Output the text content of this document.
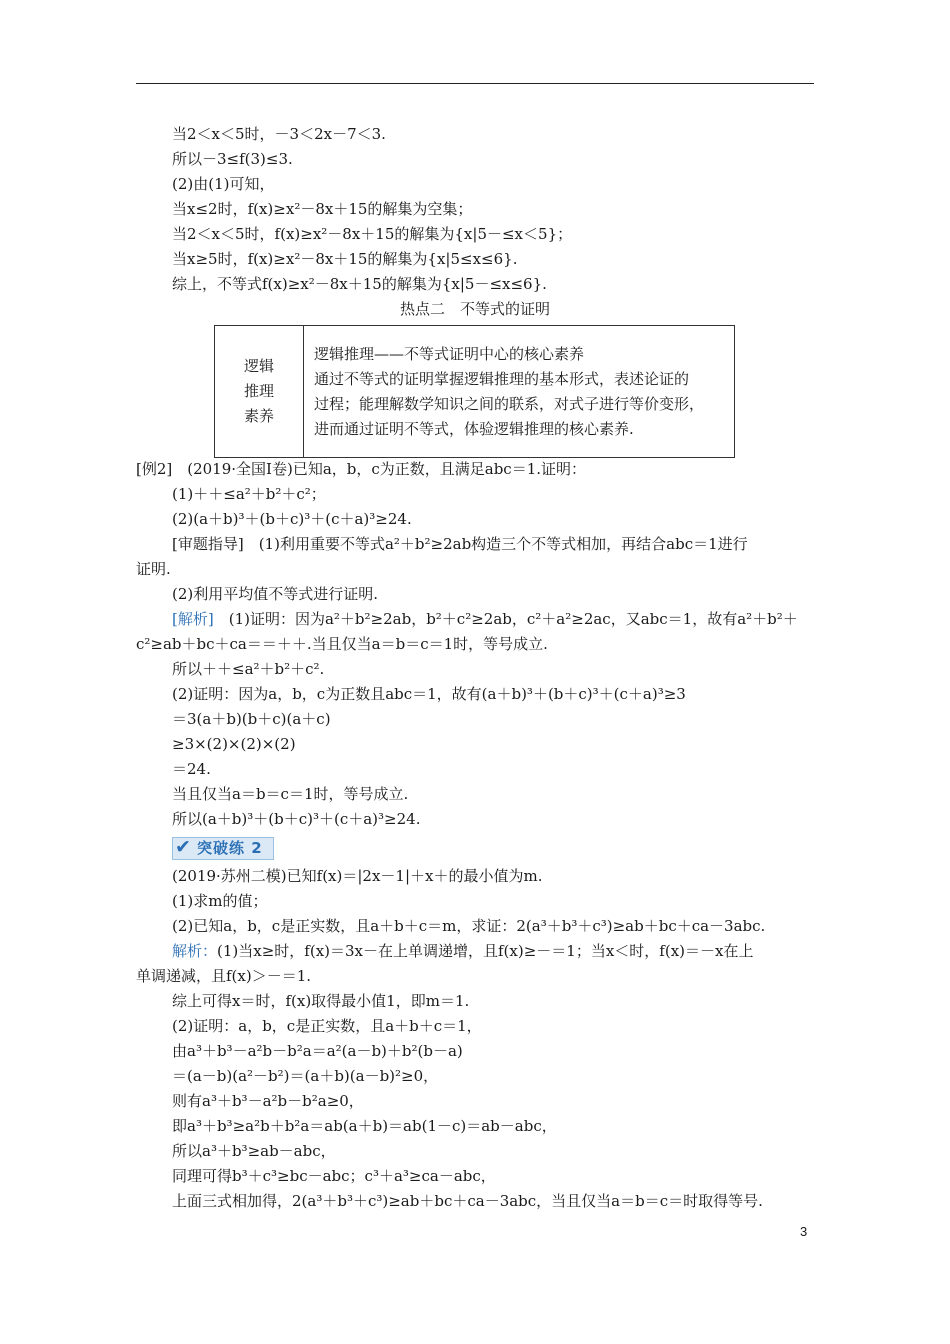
当2＜x＜5时，－3＜2x－7＜3.
所以－3≤f(3)≤3.
(2)由(1)可知，
当x≤2时，f(x)≥x²－8x＋15的解集为空集；
当2＜x＜5时，f(x)≥x²－8x＋15的解集为{x|5－≤x＜5}；
当x≥5时，f(x)≥x²－8x＋15的解集为{x|5≤x≤6}.
综上，不等式f(x)≥x²－8x＋15的解集为{x|5－≤x≤6}.
热点二　不等式的证明
逻辑
推理
素养

逻辑推理——不等式证明中心的核心素养
通过不等式的证明掌握逻辑推理的基本形式，表述论证的
过程；能理解数学知识之间的联系，对式子进行等价变形，
进而通过证明不等式，体验逻辑推理的核心素养.
[例2]　(2019·全国Ⅰ卷)已知a，b，c为正数，且满足abc＝1.证明：
(1)＋＋≤a²＋b²＋c²；
(2)(a＋b)³＋(b＋c)³＋(c＋a)³≥24.
[审题指导]　(1)利用重要不等式a²＋b²≥2ab构造三个不等式相加，再结合abc＝1进行
证明.
(2)利用平均值不等式进行证明.
[解析]　(1)证明：因为a²＋b²≥2ab，b²＋c²≥2ab，c²＋a²≥2ac，又abc＝1，故有a²＋b²＋
c²≥ab＋bc＋ca＝＝＋＋.当且仅当a＝b＝c＝1时，等号成立.
所以＋＋≤a²＋b²＋c².
(2)证明：因为a，b，c为正数且abc＝1，故有(a＋b)³＋(b＋c)³＋(c＋a)³≥3
＝3(a＋b)(b＋c)(a＋c)
≥3×(2)×(2)×(2)
＝24.
当且仅当a＝b＝c＝1时，等号成立.
所以(a＋b)³＋(b＋c)³＋(c＋a)³≥24.
✔ 突破练 2
(2019·苏州二模)已知f(x)＝|2x－1|＋x＋的最小值为m.
(1)求m的值；
(2)已知a，b，c是正实数，且a＋b＋c＝m，求证：2(a³＋b³＋c³)≥ab＋bc＋ca－3abc.
解析：(1)当x≥时，f(x)＝3x－在上单调递增，且f(x)≥－＝1；当x＜时，f(x)＝－x在上
单调递减，且f(x)＞－＝1.
综上可得x＝时，f(x)取得最小值1，即m＝1.
(2)证明：a，b，c是正实数，且a＋b＋c＝1，
由a³＋b³－a²b－b²a＝a²(a－b)＋b²(b－a)
＝(a－b)(a²－b²)＝(a＋b)(a－b)²≥0，
则有a³＋b³－a²b－b²a≥0，
即a³＋b³≥a²b＋b²a＝ab(a＋b)＝ab(1－c)＝ab－abc，
所以a³＋b³≥ab－abc，
同理可得b³＋c³≥bc－abc；c³＋a³≥ca－abc，
上面三式相加得，2(a³＋b³＋c³)≥ab＋bc＋ca－3abc，当且仅当a＝b＝c＝时取得等号.
3
